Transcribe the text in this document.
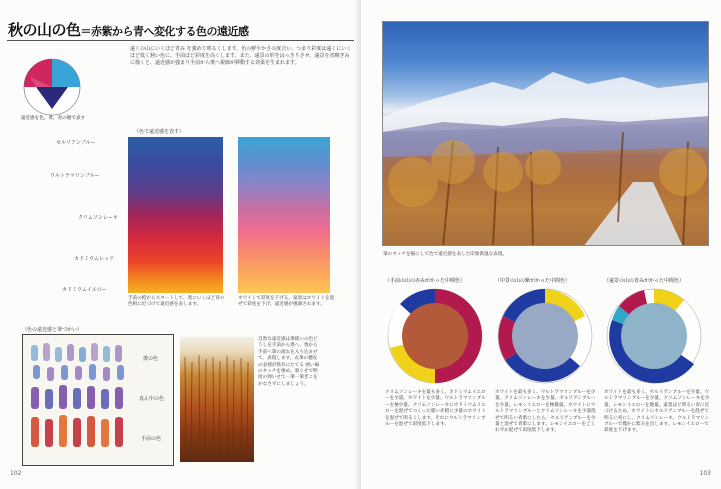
秋の山の色＝赤紫から青へ変化する色の遠近感
遠くの山にいくほど青み を強めて明るくします。色の鮮やかさの度合い、つまり彩度は遠くにいくほど低く鈍い色に、手前ほど彩度を高くします。また、遠景の形をはっきりさせ、遠景を省略ぎみに描くと、遠近感が強まり手前から奥へ視線が移動する効果を生まれます。
遠近感を色、黄、青の順で表す
（色で遠近感を表す）
セルリアンブルー
ウルトラマリンブルー
クリムソンレーキ
カドミウムレッド
カドミウムイエロー
手前の橙からスタートして、奥にいくほど青の色相に近づけて遠近感を表します。
ホワイトで彩度を下げる。遠景はホワイトを混ぜて彩度を下げ、遠近感が強調されます。
（色の遠近感と筆づかい）
奥の色
真ん中の色
手前の色
自然な遠近感は筆使いの色どうしを手前から奥へ、奥から手前へ筆の流れを入り込ませて、表現します。丸筆の穂先の表情が筋有にたてる 強い線のタッチを強め、筆ぐせで明度の強いせて一筆一筆ぎこをかなさずにしましょう。
102
筆のタッチを縦にして色で遠近感を表した印象派風な表現。
（手前の山の赤みがかった中間色）
クリムソンレーキを最も多く。カドミウムイエローを少量。ホワイトを少量。ウルトラマリンブルーを極少量。クリムソンレーキにカドミウムイエローを混ぜてつくった暖い赤橙に少量のホワイトを混ぜて明るくします。それにウルトラマリンブルーを混ぜて彩度低下します。
（中景の山の紫がかった中間色）
ホワイトを最も多く。ウルトラマリンブルーを少量。クリムソンレーキを少量。セルリアンブルーを少量。レモンイエローを極微量。ホワイトにウルトラマリンブルーとクリムソンレーキを少量混ぜて明るい青紫にしたら、セルリアンブルーを少量と混ぜて青紫にします。レモンイエローをごくわずか混ぜて彩度低下します。
（遠景の山の青みがかった中間色）
ホワイトを最も多く。セルリアンブルーを少量。ウルトラマリンブルーを少量。クリムソンレーキを少量。レモンイエローを微量。遠景ほど明るい青に近づけるため、ホワイトにセルリアンブルーを混ぜて明るい青にし、クリムソンレーキ、ウルトラマリンブルーで僅かに紫みを出します。レモンイエローで彩度を下げます。
103
